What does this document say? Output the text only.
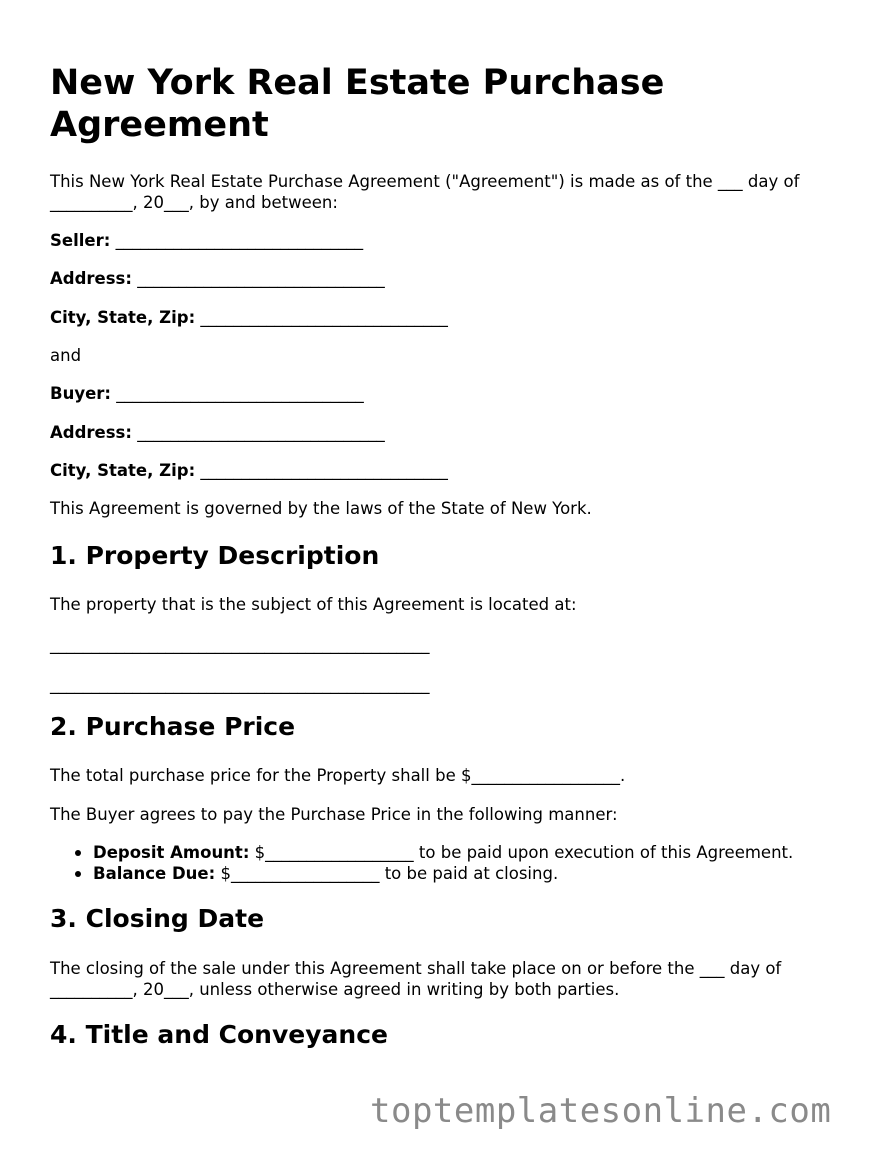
New York Real Estate Purchase Agreement

This New York Real Estate Purchase Agreement ("Agreement") is made as of the ___ day of __________, 20___, by and between:

Seller: ______________________________

Address: ______________________________

City, State, Zip: ______________________________

and

Buyer: ______________________________

Address: ______________________________

City, State, Zip: ______________________________

This Agreement is governed by the laws of the State of New York.

1. Property Description

The property that is the subject of this Agreement is located at:

______________________________________________

______________________________________________

2. Purchase Price

The total purchase price for the Property shall be $__________________.

The Buyer agrees to pay the Purchase Price in the following manner:

Deposit Amount: $__________________ to be paid upon execution of this Agreement.
Balance Due: $__________________ to be paid at closing.
3. Closing Date

The closing of the sale under this Agreement shall take place on or before the ___ day of __________, 20___, unless otherwise agreed in writing by both parties.

4. Title and Conveyance
toptemplatesonline.com
